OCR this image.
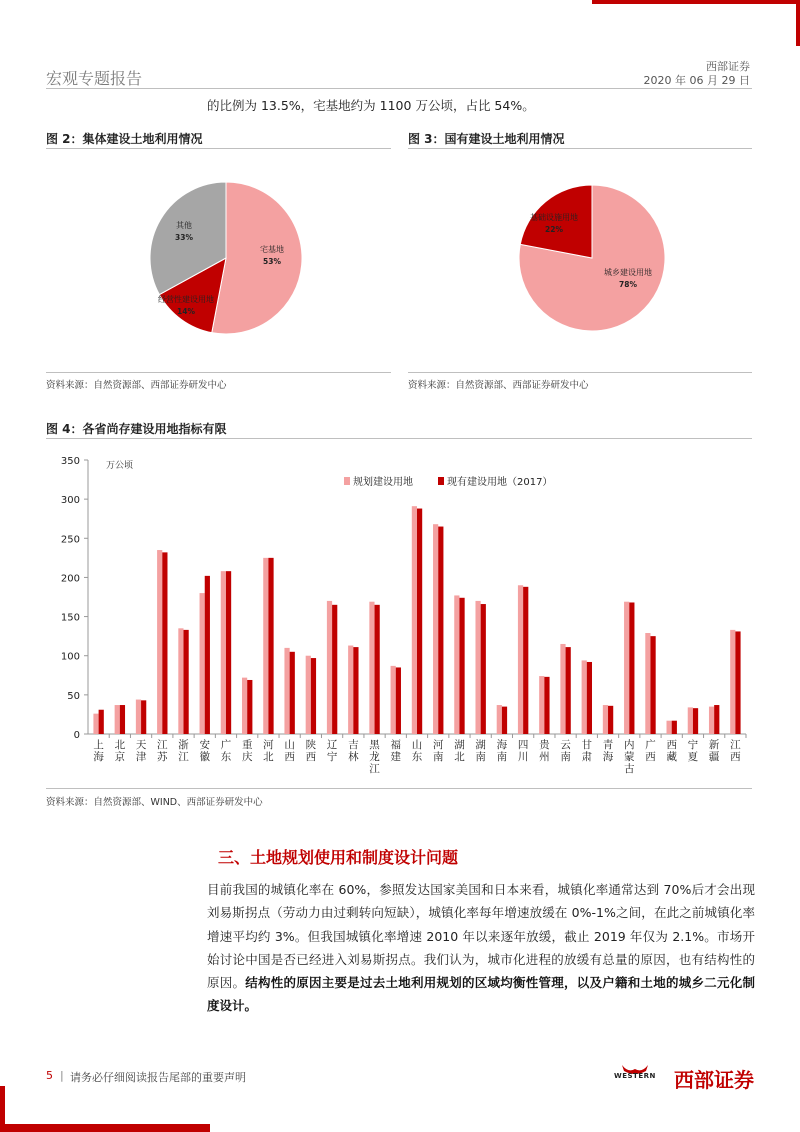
宏观专题报告
西部证券
2020 年 06 月 29 日
的比例为 13.5%，宅基地约为 1100 万公顷，占比 54%。
图 2：集体建设土地利用情况
宅基地
53%
经营性建设用地
14%
其他
33%
资料来源：自然资源部、西部证券研发中心
图 3：国有建设土地利用情况
城乡建设用地
78%
基础设施用地
22%
资料来源：自然资源部、西部证券研发中心
图 4：各省尚存建设用地指标有限
0
50
100
150
200
250
300
350	万公顷
上海
北京
天津
江苏
浙江
安徽
广东
重庆
河北
山西
陕西
辽宁
吉林
黑龙江
福建
山东
河南
湖北
湖南
海南
四川
贵州
云南
甘肃
青海
内蒙古
广西
西藏
宁夏
新疆
江西
规划建设用地	现有建设用地（2017）
资料来源：自然资源部、WIND、西部证券研发中心
三、土地规划使用和制度设计问题
目前我国的城镇化率在 60%，参照发达国家美国和日本来看，城镇化率通常达到 70%后才会出现刘易斯拐点（劳动力由过剩转向短缺），城镇化率每年增速放缓在 0%-1%之间，在此之前城镇化率增速平均约 3%。但我国城镇化率增速 2010 年以来逐年放缓，截止 2019 年仅为 2.1%。市场开始讨论中国是否已经进入刘易斯拐点。我们认为，城市化进程的放缓有总量的原因，也有结构性的原因。结构性的原因主要是过去土地利用规划的区域均衡性管理，以及户籍和土地的城乡二元化制度设计。
5 | 请务必仔细阅读报告尾部的重要声明	WESTERN 西部证券
